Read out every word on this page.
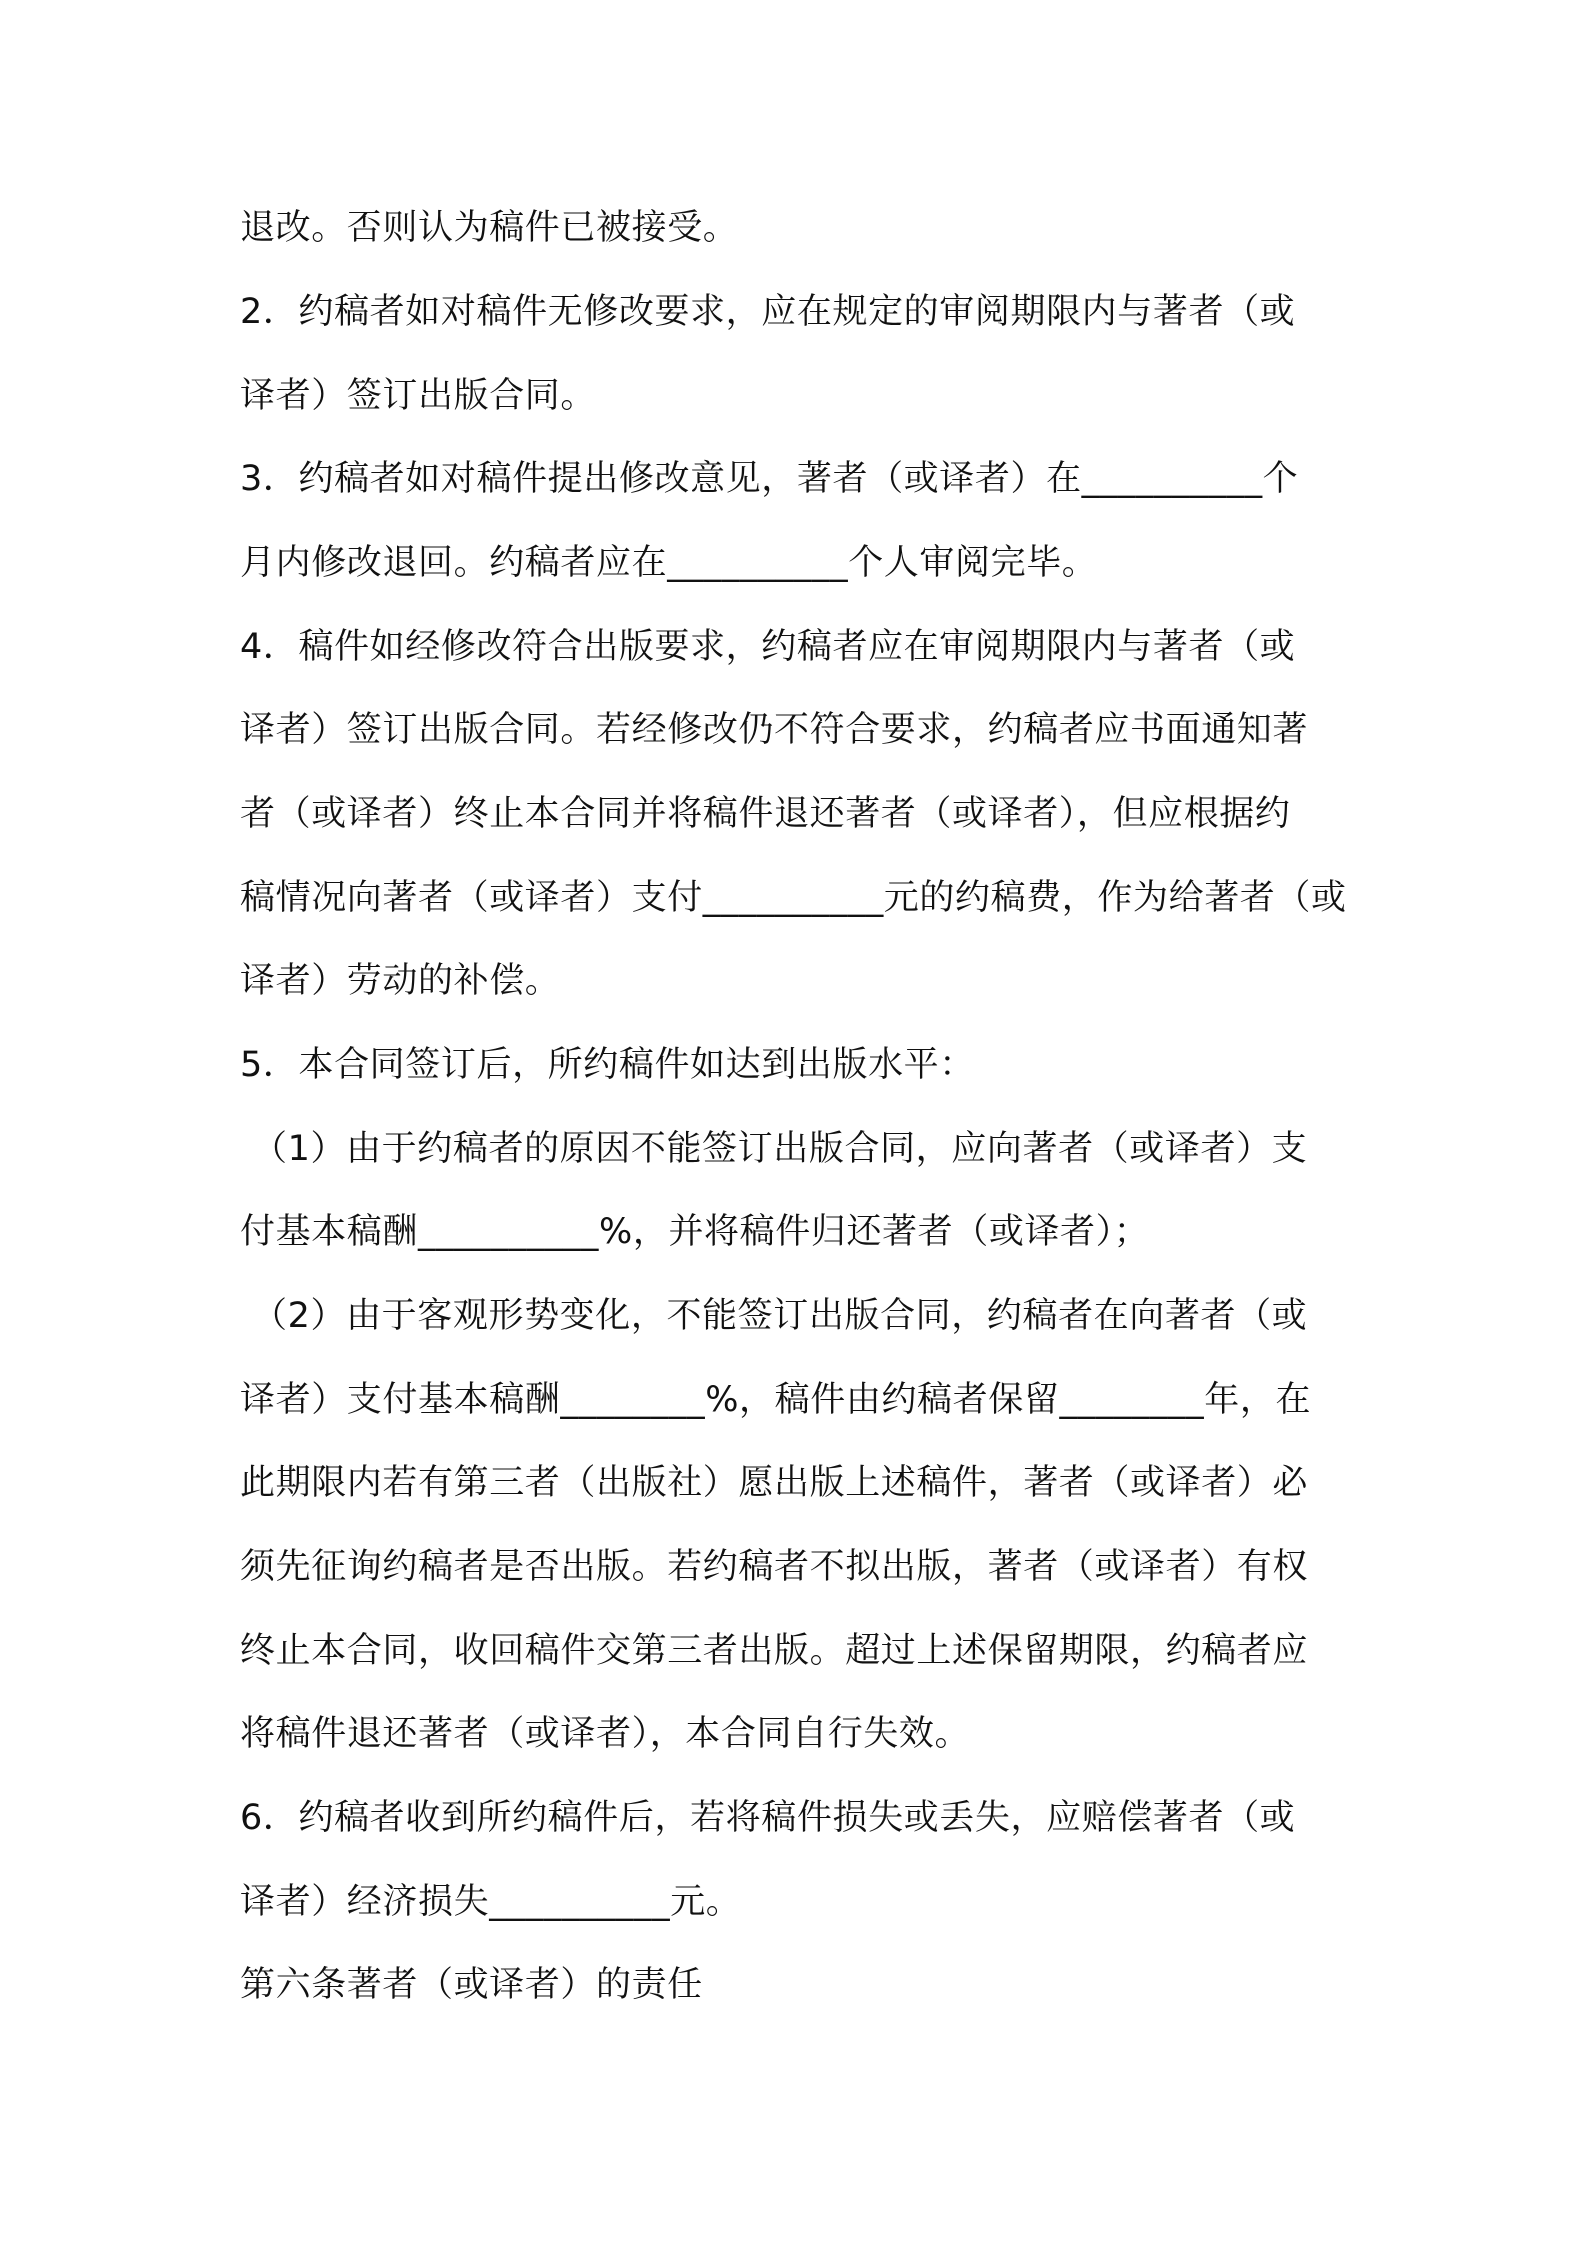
退改。否则认为稿件已被接受。
2．约稿者如对稿件无修改要求，应在规定的审阅期限内与著者（或
译者）签订出版合同。
3．约稿者如对稿件提出修改意见，著者（或译者）在__________个
月内修改退回。约稿者应在__________个人审阅完毕。
4．稿件如经修改符合出版要求，约稿者应在审阅期限内与著者（或
译者）签订出版合同。若经修改仍不符合要求，约稿者应书面通知著
者（或译者）终止本合同并将稿件退还著者（或译者），但应根据约
稿情况向著者（或译者）支付__________元的约稿费，作为给著者（或
译者）劳动的补偿。
5．本合同签订后，所约稿件如达到出版水平：
（1）由于约稿者的原因不能签订出版合同，应向著者（或译者）支
付基本稿酬__________%，并将稿件归还著者（或译者）；
（2）由于客观形势变化，不能签订出版合同，约稿者在向著者（或
译者）支付基本稿酬________%，稿件由约稿者保留________年，在
此期限内若有第三者（出版社）愿出版上述稿件，著者（或译者）必
须先征询约稿者是否出版。若约稿者不拟出版，著者（或译者）有权
终止本合同，收回稿件交第三者出版。超过上述保留期限，约稿者应
将稿件退还著者（或译者），本合同自行失效。
6．约稿者收到所约稿件后，若将稿件损失或丢失，应赔偿著者（或
译者）经济损失__________元。
第六条著者（或译者）的责任
